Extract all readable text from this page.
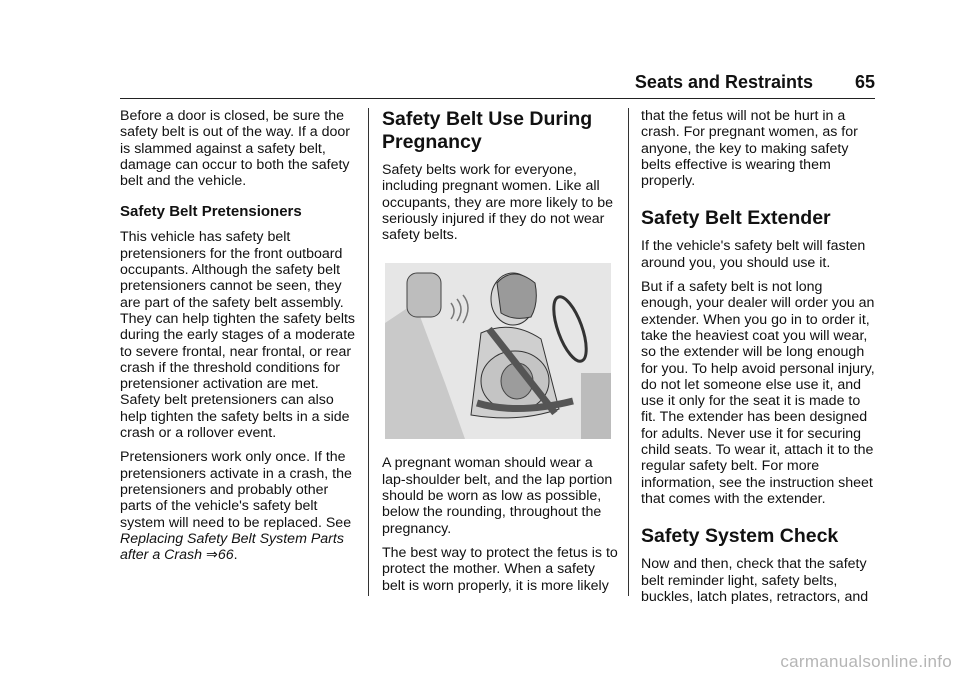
Seats and Restraints 65

Before a door is closed, be sure the safety belt is out of the way. If a door is slammed against a safety belt, damage can occur to both the safety belt and the vehicle.

Safety Belt Pretensioners

This vehicle has safety belt pretensioners for the front outboard occupants. Although the safety belt pretensioners cannot be seen, they are part of the safety belt assembly. They can help tighten the safety belts during the early stages of a moderate to severe frontal, near frontal, or rear crash if the threshold conditions for pretensioner activation are met. Safety belt pretensioners can also help tighten the safety belts in a side crash or a rollover event.

Pretensioners work only once. If the pretensioners activate in a crash, the pretensioners and probably other parts of the vehicle's safety belt system will need to be replaced. See Replacing Safety Belt System Parts after a Crash ⇒66.

Safety Belt Use During Pregnancy

Safety belts work for everyone, including pregnant women. Like all occupants, they are more likely to be seriously injured if they do not wear safety belts.

A pregnant woman should wear a lap-shoulder belt, and the lap portion should be worn as low as possible, below the rounding, throughout the pregnancy.

The best way to protect the fetus is to protect the mother. When a safety belt is worn properly, it is more likely

that the fetus will not be hurt in a crash. For pregnant women, as for anyone, the key to making safety belts effective is wearing them properly.

Safety Belt Extender

If the vehicle's safety belt will fasten around you, you should use it.

But if a safety belt is not long enough, your dealer will order you an extender. When you go in to order it, take the heaviest coat you will wear, so the extender will be long enough for you. To help avoid personal injury, do not let someone else use it, and use it only for the seat it is made to fit. The extender has been designed for adults. Never use it for securing child seats. To wear it, attach it to the regular safety belt. For more information, see the instruction sheet that comes with the extender.

Safety System Check

Now and then, check that the safety belt reminder light, safety belts, buckles, latch plates, retractors, and

carmanualsonline.info
